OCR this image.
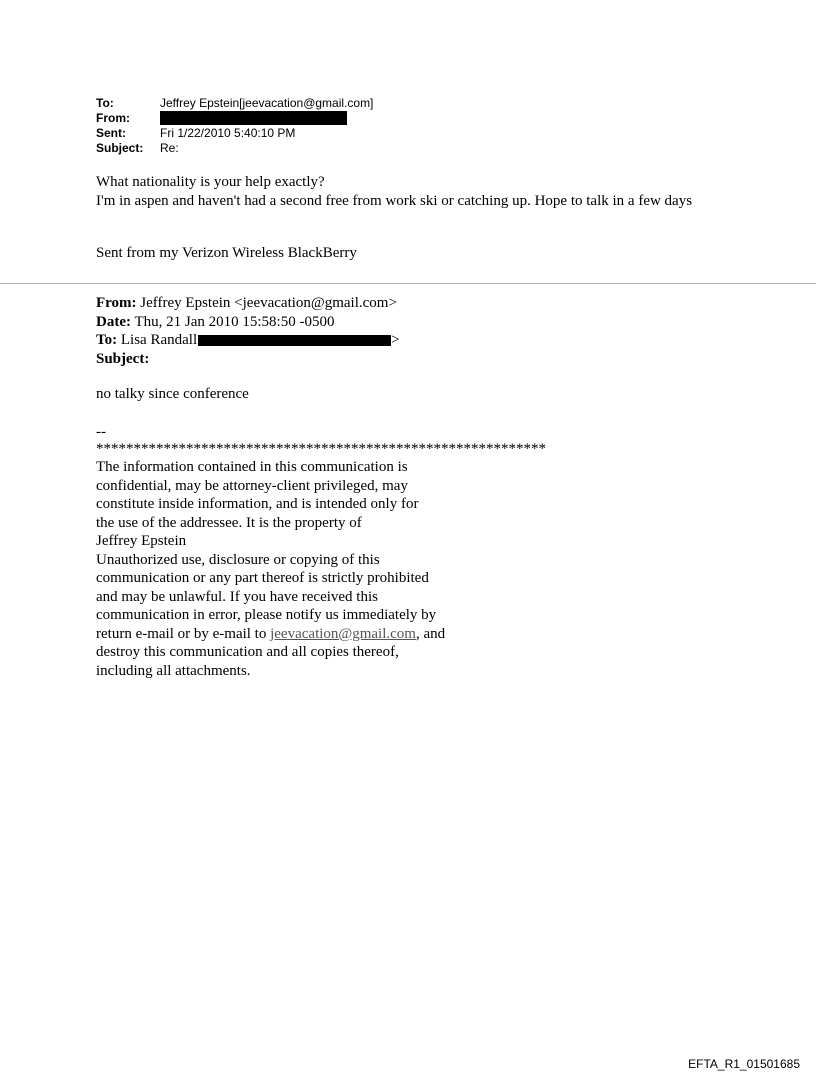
To:	Jeffrey Epstein[jeevacation@gmail.com]
From:
Sent:	Fri 1/22/2010 5:40:10 PM
Subject:	Re:
What nationality is your help exactly?
I'm in aspen and haven't had a second free from work ski or catching up. Hope to talk in a few days
Sent from my Verizon Wireless BlackBerry
From: Jeffrey Epstein <jeevacation@gmail.com>
Date: Thu, 21 Jan 2010 15:58:50 -0500
To: Lisa Randall	>
Subject:
no talky since conference
--
************************************************************
The information contained in this communication is
confidential, may be attorney-client privileged, may
constitute inside information, and is intended only for
the use of the addressee. It is the property of
Jeffrey Epstein
Unauthorized use, disclosure or copying of this
communication or any part thereof is strictly prohibited
and may be unlawful. If you have received this
communication in error, please notify us immediately by
return e-mail or by e-mail to jeevacation@gmail.com, and
destroy this communication and all copies thereof,
including all attachments.
EFTA_R1_01501685
